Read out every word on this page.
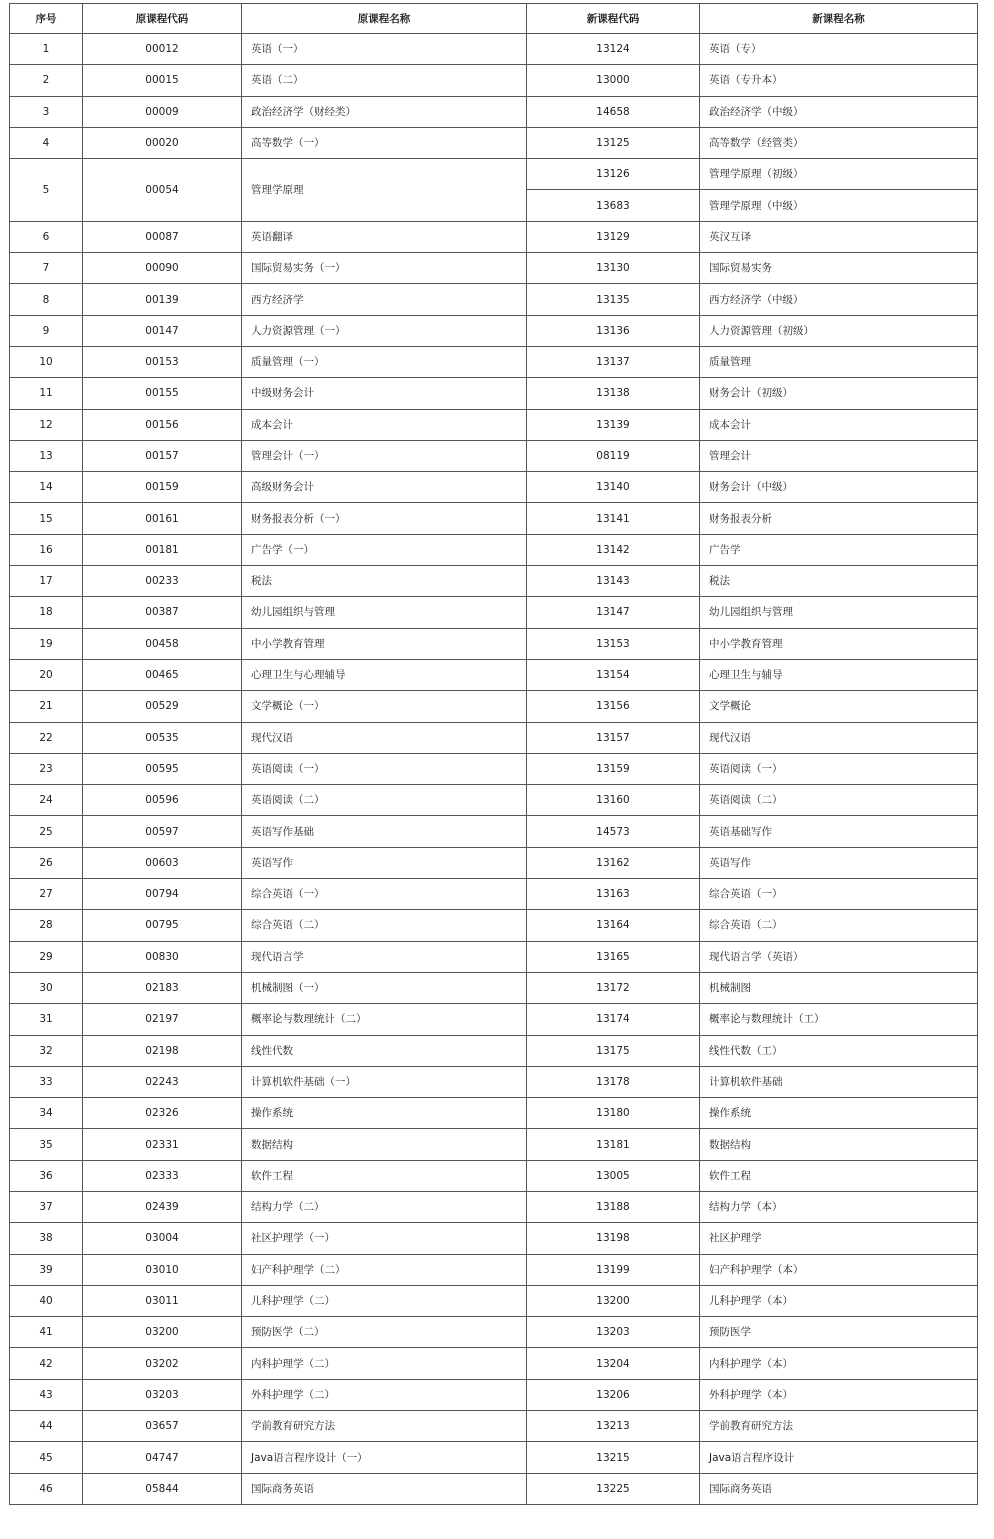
序号	原课程代码	原课程名称	新课程代码	新课程名称
1	00012	英语（一）	13124	英语（专）
2	00015	英语（二）	13000	英语（专升本）
3	00009	政治经济学（财经类）	14658	政治经济学（中级）
4	00020	高等数学（一）	13125	高等数学（经管类）
5	00054	管理学原理	13126	管理学原理（初级）
			13683	管理学原理（中级）
6	00087	英语翻译	13129	英汉互译
7	00090	国际贸易实务（一）	13130	国际贸易实务
8	00139	西方经济学	13135	西方经济学（中级）
9	00147	人力资源管理（一）	13136	人力资源管理（初级）
10	00153	质量管理（一）	13137	质量管理
11	00155	中级财务会计	13138	财务会计（初级）
12	00156	成本会计	13139	成本会计
13	00157	管理会计（一）	08119	管理会计
14	00159	高级财务会计	13140	财务会计（中级）
15	00161	财务报表分析（一）	13141	财务报表分析
16	00181	广告学（一）	13142	广告学
17	00233	税法	13143	税法
18	00387	幼儿园组织与管理	13147	幼儿园组织与管理
19	00458	中小学教育管理	13153	中小学教育管理
20	00465	心理卫生与心理辅导	13154	心理卫生与辅导
21	00529	文学概论（一）	13156	文学概论
22	00535	现代汉语	13157	现代汉语
23	00595	英语阅读（一）	13159	英语阅读（一）
24	00596	英语阅读（二）	13160	英语阅读（二）
25	00597	英语写作基础	14573	英语基础写作
26	00603	英语写作	13162	英语写作
27	00794	综合英语（一）	13163	综合英语（一）
28	00795	综合英语（二）	13164	综合英语（二）
29	00830	现代语言学	13165	现代语言学（英语）
30	02183	机械制图（一）	13172	机械制图
31	02197	概率论与数理统计（二）	13174	概率论与数理统计（工）
32	02198	线性代数	13175	线性代数（工）
33	02243	计算机软件基础（一）	13178	计算机软件基础
34	02326	操作系统	13180	操作系统
35	02331	数据结构	13181	数据结构
36	02333	软件工程	13005	软件工程
37	02439	结构力学（二）	13188	结构力学（本）
38	03004	社区护理学（一）	13198	社区护理学
39	03010	妇产科护理学（二）	13199	妇产科护理学（本）
40	03011	儿科护理学（二）	13200	儿科护理学（本）
41	03200	预防医学（二）	13203	预防医学
42	03202	内科护理学（二）	13204	内科护理学（本）
43	03203	外科护理学（二）	13206	外科护理学（本）
44	03657	学前教育研究方法	13213	学前教育研究方法
45	04747	Java语言程序设计（一）	13215	Java语言程序设计
46	05844	国际商务英语	13225	国际商务英语
